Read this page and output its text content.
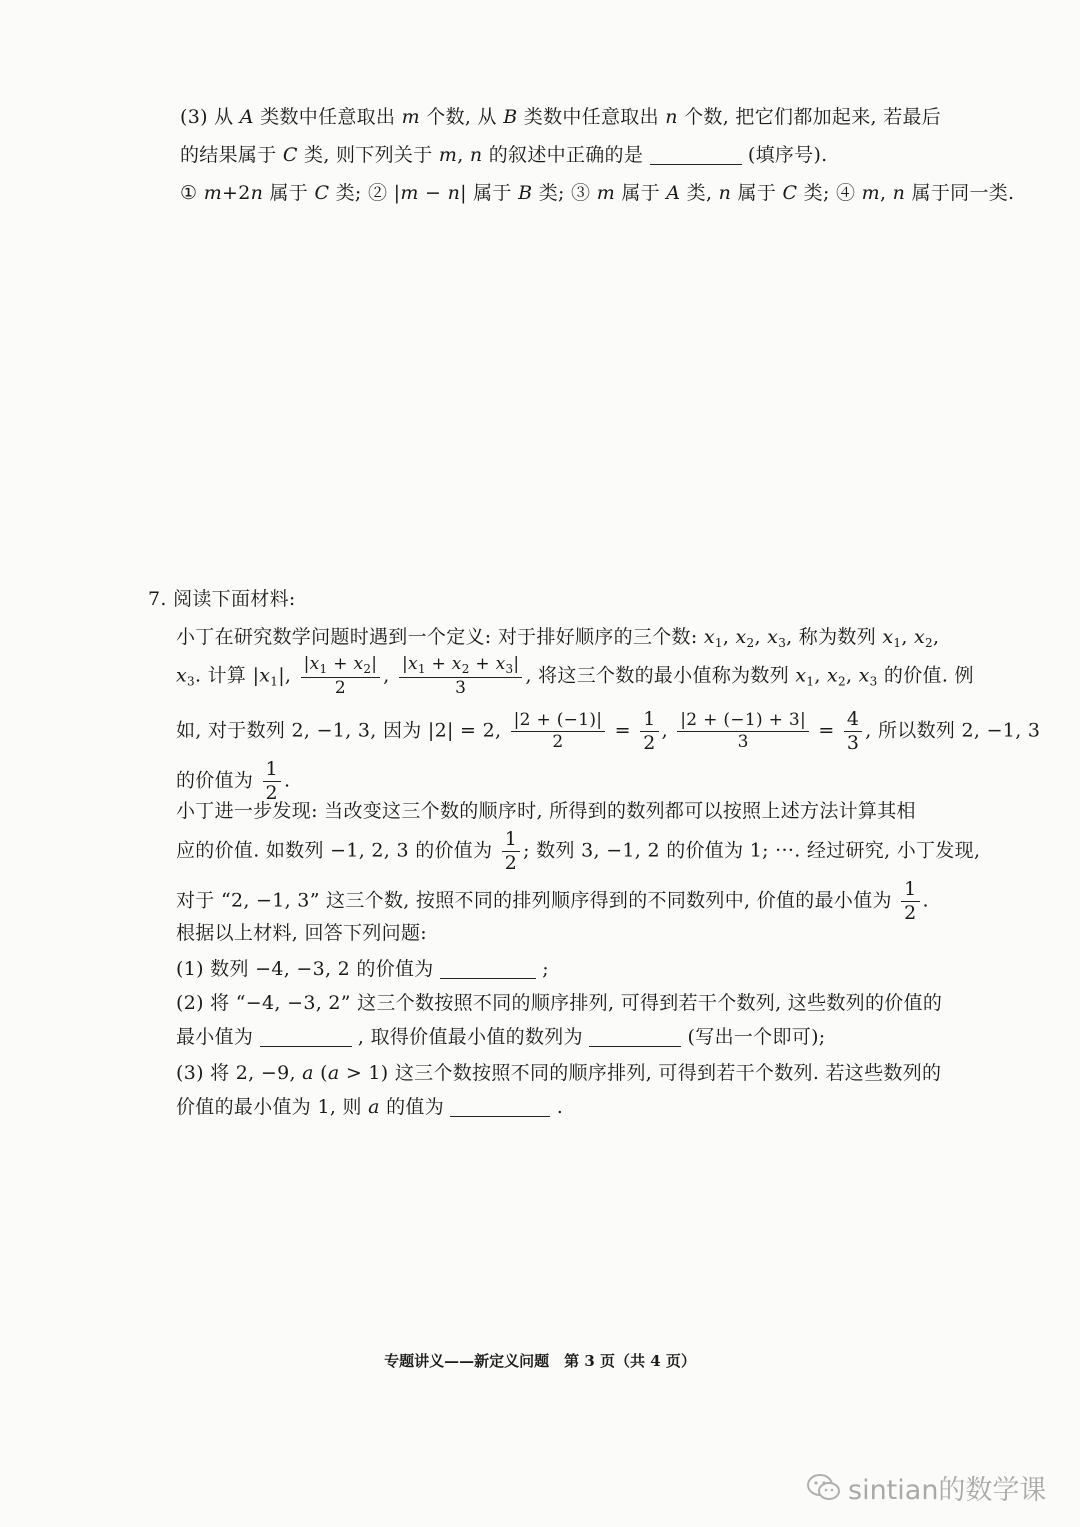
(3) 从 A 类数中任意取出 m 个数, 从 B 类数中任意取出 n 个数, 把它们都加起来, 若最后
的结果属于 C 类, 则下列关于 m, n 的叙述中正确的是	(填序号).
① m+2n 属于 C 类; ② |m − n| 属于 B 类; ③ m 属于 A 类, n 属于 C 类; ④ m, n 属于同一类.
7. 阅读下面材料:
小丁在研究数学问题时遇到一个定义: 对于排好顺序的三个数: $x_1$, $x_2$, $x_3$, 称为数列 $x_1$, $x_2$,
$x_3$. 计算 $|x_1|$, $\frac{|x_1 + x_2|}{2}$ , $\frac{|x_1 + x_2 + x_3|}{3}$ , 将这三个数的最小值称为数列 $x_1$, $x_2$, $x_3$ 的价值. 例
如, 对于数列 2, −1, 3, 因为 |2| = 2, $\frac{|2 + (-1)|}{2} = \frac{1}{2}$ , $\frac{|2 + (-1) + 3|}{3} = \frac{4}{3}$ , 所以数列 2, −1, 3
的价值为 $\frac{1}{2}$ .
小丁进一步发现: 当改变这三个数的顺序时, 所得到的数列都可以按照上述方法计算其相
应的价值. 如数列 −1, 2, 3 的价值为 $\frac{1}{2}$ ; 数列 3, −1, 2 的价值为 1; ···. 经过研究, 小丁发现,
对于 “2, −1, 3” 这三个数, 按照不同的排列顺序得到的不同数列中, 价值的最小值为 $\frac{1}{2}$ .
根据以上材料, 回答下列问题:
(1) 数列 −4, −3, 2 的价值为	;
(2) 将 “−4, −3, 2” 这三个数按照不同的顺序排列, 可得到若干个数列, 这些数列的价值的
最小值为	, 取得价值最小值的数列为	(写出一个即可);
(3) 将 2, −9, a (a > 1) 这三个数按照不同的顺序排列, 可得到若干个数列. 若这些数列的
价值的最小值为 1, 则 a 的值为	.
专题讲义——新定义问题　第 3 页（共 4 页）
sintian的数学课
